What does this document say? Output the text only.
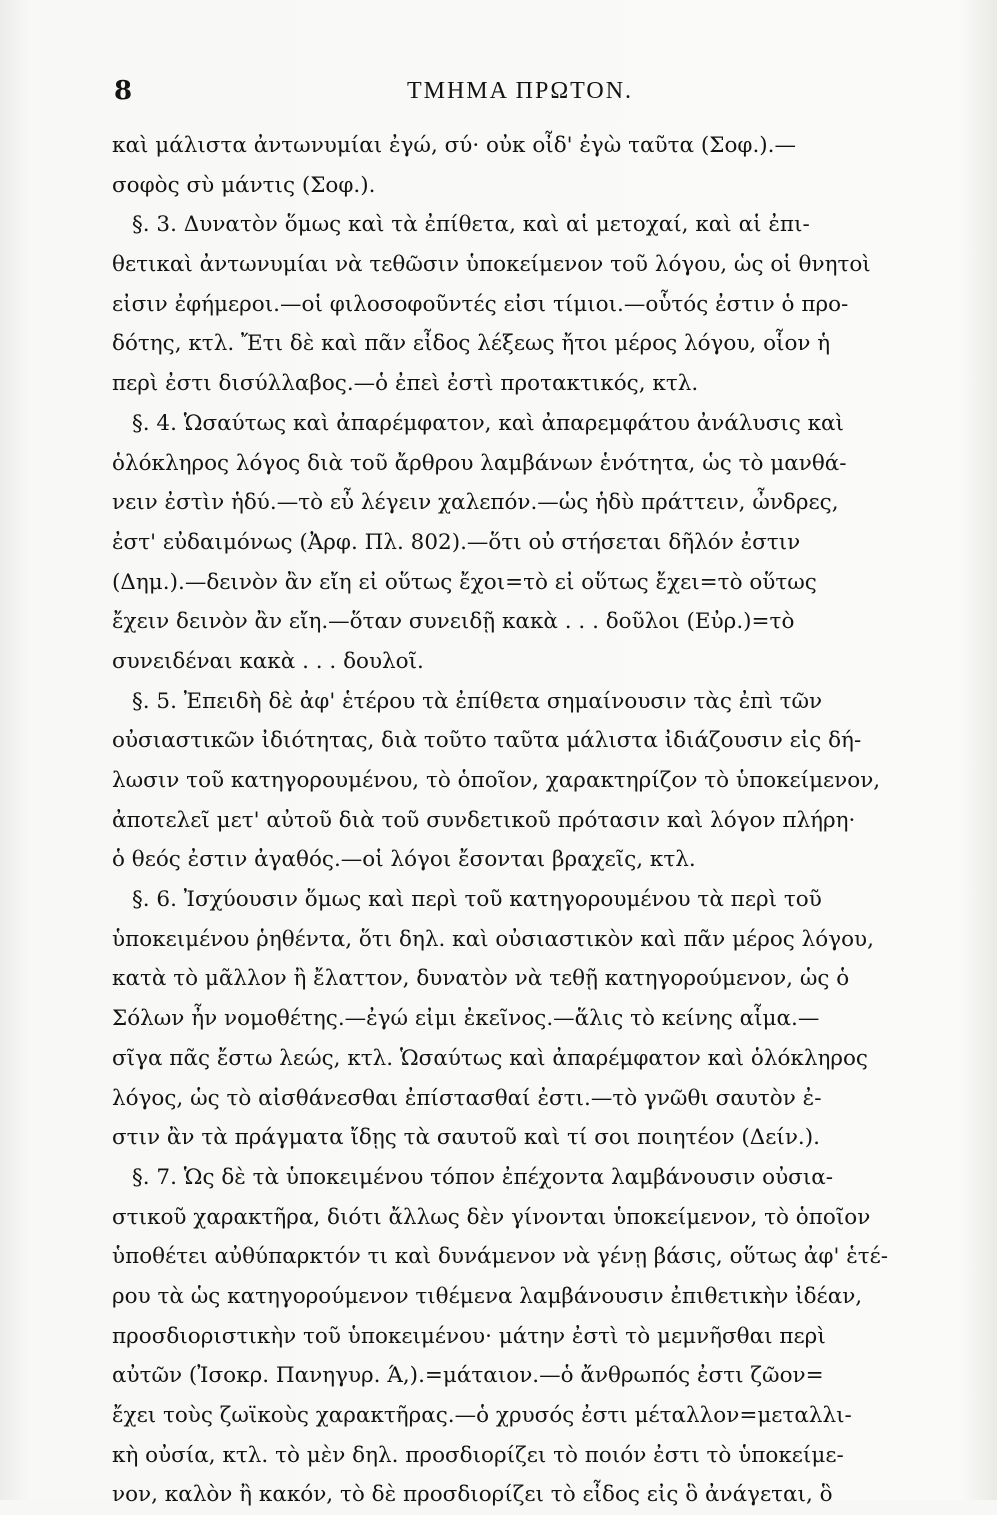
8	ΤΜΗΜΑ ΠΡΩΤΟΝ.
καὶ μάλιστα ἀντωνυμίαι ἐγώ, σύ· οὐκ οἶδ' ἐγὼ ταῦτα (Σοφ.).—
σοφὸς σὺ μάντις (Σοφ.).
§. 3. Δυνατὸν ὅμως καὶ τὰ ἐπίθετα, καὶ αἱ μετοχαί, καὶ αἱ ἐπι-
θετικαὶ ἀντωνυμίαι νὰ τεθῶσιν ὑποκείμενον τοῦ λόγου, ὡς οἱ θνητοὶ
εἰσιν ἐφήμεροι.—οἱ φιλοσοφοῦντές εἰσι τίμιοι.—οὗτός ἐστιν ὁ προ-
δότης, κτλ. Ἔτι δὲ καὶ πᾶν εἶδος λέξεως ἤτοι μέρος λόγου, οἷον ἡ
περὶ ἐστι δισύλλαβος.—ὁ ἐπεὶ ἐστὶ προτακτικός, κτλ.
§. 4. Ὡσαύτως καὶ ἀπαρέμφατον, καὶ ἀπαρεμφάτου ἀνάλυσις καὶ
ὁλόκληρος λόγος διὰ τοῦ ἄρθρου λαμβάνων ἑνότητα, ὡς τὸ μανθά-
νειν ἐστὶν ἡδύ.—τὸ εὖ λέγειν χαλεπόν.—ὡς ἡδὺ πράττειν, ὦνδρες,
ἐστ' εὐδαιμόνως (Ἀρφ. Πλ. 802).—ὅτι οὐ στήσεται δῆλόν ἐστιν
(Δημ.).—δεινὸν ἂν εἴη εἰ οὕτως ἔχοι=τὸ εἰ οὕτως ἔχει=τὸ οὕτως
ἔχειν δεινὸν ἂν εἴη.—ὅταν συνειδῇ κακὰ . . . δοῦλοι (Εὐρ.)=τὸ
συνειδέναι κακὰ . . . δουλοῖ.
§. 5. Ἐπειδὴ δὲ ἀφ' ἑτέρου τὰ ἐπίθετα σημαίνουσιν τὰς ἐπὶ τῶν
οὐσιαστικῶν ἰδιότητας, διὰ τοῦτο ταῦτα μάλιστα ἰδιάζουσιν εἰς δή-
λωσιν τοῦ κατηγορουμένου, τὸ ὁποῖον, χαρακτηρίζον τὸ ὑποκείμενον,
ἀποτελεῖ μετ' αὐτοῦ διὰ τοῦ συνδετικοῦ πρότασιν καὶ λόγον πλήρη·
ὁ θεός ἐστιν ἀγαθός.—οἱ λόγοι ἔσονται βραχεῖς, κτλ.
§. 6. Ἰσχύουσιν ὅμως καὶ περὶ τοῦ κατηγορουμένου τὰ περὶ τοῦ
ὑποκειμένου ῥηθέντα, ὅτι δηλ. καὶ οὐσιαστικὸν καὶ πᾶν μέρος λόγου,
κατὰ τὸ μᾶλλον ἢ ἔλαττον, δυνατὸν νὰ τεθῇ κατηγορούμενον, ὡς ὁ
Σόλων ἦν νομοθέτης.—ἐγώ εἰμι ἐκεῖνος.—ἅλις τὸ κείνης αἷμα.—
σῖγα πᾶς ἔστω λεώς, κτλ. Ὡσαύτως καὶ ἀπαρέμφατον καὶ ὁλόκληρος
λόγος, ὡς τὸ αἰσθάνεσθαι ἐπίστασθαί ἐστι.—τὸ γνῶθι σαυτὸν ἐ-
στιν ἂν τὰ πράγματα ἴδῃς τὰ σαυτοῦ καὶ τί σοι ποιητέον (Δείν.).
§. 7. Ὡς δὲ τὰ ὑποκειμένου τόπον ἐπέχοντα λαμβάνουσιν οὐσια-
στικοῦ χαρακτῆρα, διότι ἄλλως δὲν γίνονται ὑποκείμενον, τὸ ὁποῖον
ὑποθέτει αὐθύπαρκτόν τι καὶ δυνάμενον νὰ γένῃ βάσις, οὕτως ἀφ' ἑτέ-
ρου τὰ ὡς κατηγορούμενον τιθέμενα λαμβάνουσιν ἐπιθετικὴν ἰδέαν,
προσδιοριστικὴν τοῦ ὑποκειμένου· μάτην ἐστὶ τὸ μεμνῆσθαι περὶ
αὐτῶν (Ἰσοκρ. Πανηγυρ. Ά,).=μάταιον.—ὁ ἄνθρωπός ἐστι ζῶον=
ἔχει τοὺς ζωϊκοὺς χαρακτῆρας.—ὁ χρυσός ἐστι μέταλλον=μεταλλι-
κὴ οὐσία, κτλ. τὸ μὲν δηλ. προσδιορίζει τὸ ποιόν ἐστι τὸ ὑποκείμε-
νον, καλὸν ἢ κακόν, τὸ δὲ προσδιορίζει τὸ εἶδος εἰς ὃ ἀνάγεται, ὃ
